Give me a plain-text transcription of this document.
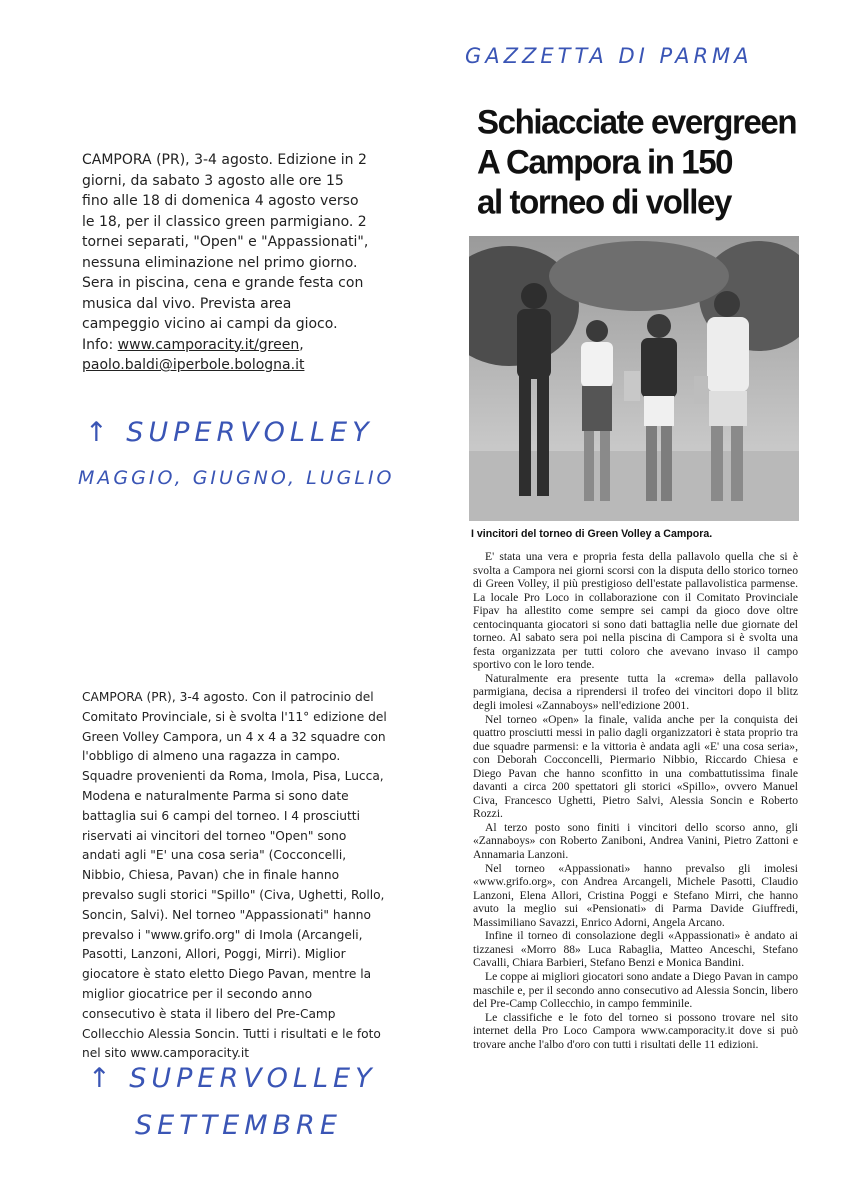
GAZZETTA DI PARMA

CAMPORA (PR), 3-4 agosto. Edizione in 2 giorni, da sabato 3 agosto alle ore 15 fino alle 18 di domenica 4 agosto verso le 18, per il classico green parmigiano. 2 tornei separati, "Open" e "Appassionati", nessuna eliminazione nel primo giorno. Sera in piscina, cena e grande festa con musica dal vivo. Prevista area campeggio vicino ai campi da gioco. Info: www.camporacity.it/green, paolo.baldi@iperbole.bologna.it

↑ SUPERVOLLEY
MAGGIO, GIUGNO, LUGLIO

CAMPORA (PR), 3-4 agosto. Con il patrocinio del Comitato Provinciale, si è svolta l'11° edizione del Green Volley Campora, un 4 x 4 a 32 squadre con l'obbligo di almeno una ragazza in campo. Squadre provenienti da Roma, Imola, Pisa, Lucca, Modena e naturalmente Parma si sono date battaglia sui 6 campi del torneo. I 4 prosciutti riservati ai vincitori del torneo "Open" sono andati agli "E' una cosa seria" (Cocconcelli, Nibbio, Chiesa, Pavan) che in finale hanno prevalso sugli storici "Spillo" (Civa, Ughetti, Rollo, Soncin, Salvi). Nel torneo "Appassionati" hanno prevalso i "www.grifo.org" di Imola (Arcangeli, Pasotti, Lanzoni, Allori, Poggi, Mirri). Miglior giocatore è stato eletto Diego Pavan, mentre la miglior giocatrice per il secondo anno consecutivo è stata il libero del Pre-Camp Collecchio Alessia Soncin. Tutti i risultati e le foto nel sito www.camporacity.it

↑ SUPERVOLLEY
SETTEMBRE
Schiacciate evergreen
A Campora in 150
al torneo di volley
I vincitori del torneo di Green Volley a Campora.

E' stata una vera e propria festa della pallavolo quella che si è svolta a Campora nei giorni scorsi con la disputa dello storico torneo di Green Volley, il più prestigioso dell'estate pallavolistica parmense. La locale Pro Loco in collaborazione con il Comitato Provinciale Fipav ha allestito come sempre sei campi da gioco dove oltre centocinquanta giocatori si sono dati battaglia nelle due giornate del torneo. Al sabato sera poi nella piscina di Campora si è svolta una festa organizzata per tutti coloro che avevano invaso il campo sportivo con le loro tende.

Naturalmente era presente tutta la «crema» della pallavolo parmigiana, decisa a riprendersi il trofeo dei vincitori dopo il blitz degli imolesi «Zannaboys» nell'edizione 2001.

Nel torneo «Open» la finale, valida anche per la conquista dei quattro prosciutti messi in palio dagli organizzatori è stata proprio tra due squadre parmensi: e la vittoria è andata agli «E' una cosa seria», con Deborah Cocconcelli, Piermario Nibbio, Riccardo Chiesa e Diego Pavan che hanno sconfitto in una combattutissima finale davanti a circa 200 spettatori gli storici «Spillo», ovvero Manuel Civa, Francesco Ughetti, Pietro Salvi, Alessia Soncin e Roberto Rozzi.

Al terzo posto sono finiti i vincitori dello scorso anno, gli «Zannaboys» con Roberto Zaniboni, Andrea Vanini, Pietro Zattoni e Annamaria Lanzoni.

Nel torneo «Appassionati» hanno prevalso gli imolesi «www.grifo.org», con Andrea Arcangeli, Michele Pasotti, Claudio Lanzoni, Elena Allori, Cristina Poggi e Stefano Mirri, che hanno avuto la meglio sui «Pensionati» di Parma Davide Giuffredi, Massimiliano Savazzi, Enrico Adorni, Angela Arcano.

Infine il torneo di consolazione degli «Appassionati» è andato ai tizzanesi «Morro 88» Luca Rabaglia, Matteo Anceschi, Stefano Cavalli, Chiara Barbieri, Stefano Benzi e Monica Bandini.

Le coppe ai migliori giocatori sono andate a Diego Pavan in campo maschile e, per il secondo anno consecutivo ad Alessia Soncin, libero del Pre-Camp Collecchio, in campo femminile.

Le classifiche e le foto del torneo si possono trovare nel sito internet della Pro Loco Campora www.camporacity.it dove si può trovare anche l'albo d'oro con tutti i risultati delle 11 edizioni.
